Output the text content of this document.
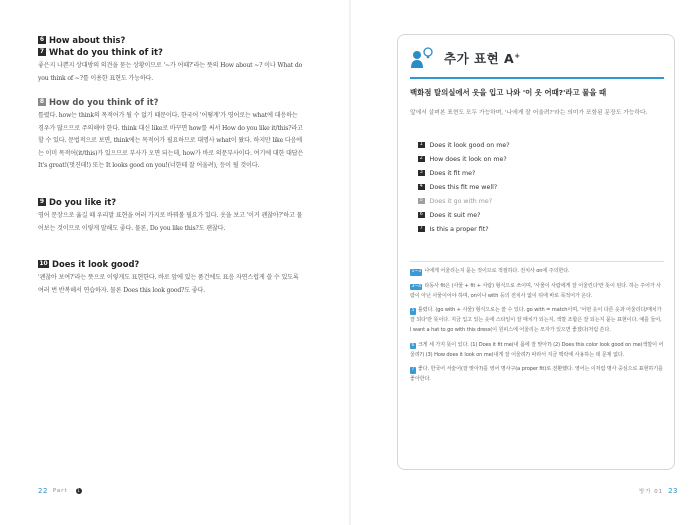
6 How about this?
7 What do you think of it?

좋은지 나쁜지 상대방의 의견을 묻는 상황이므로 '~가 어때?'라는 뜻의 How about ~? 이나 What do you think of ~?를 이용한 표현도 가능하다.

8 How do you think of it?

틀렸다. how는 think의 목적어가 될 수 없기 때문이다. 한국어 '어떻게'가 영어로는 what에 대응하는 경우가 많으므로 주의해야 한다. think 대신 like로 바꾸면 how를 써서 How do you like it/this?라고 할 수 있다. 문법적으로 보면, think에는 목적어가 필요하므로 대명사 what이 왔다. 하지만 like 다음에는 이미 목적어(it/this)가 있으므로 부사가 오면 되는데, how가 바로 의문부사이다. 여기에 대한 대답은 It's great!(멋진데!) 또는 It looks good on you!(너한테 잘 어울려), 등이 될 것이다.

9 Do you like it?

영어 문장으로 옮길 때 우리말 표현을 여러 가지로 바꿔볼 필요가 있다. 옷을 보고 '이거 괜찮아?'하고 물어보는 것이므로 이렇게 말해도 좋다. 물론, Do you like this?도 괜찮다.

10 Does it look good?

'괜찮아 보여?'라는 뜻으로 이렇게도 표현한다. 바로 앞에 있는 품건에도 표음 자연스럽게 쓸 수 있도록 여러 번 반복해서 연습하자. 물론 Does this look good?도 좋다.

추가 표현 A+
백화점 탈의실에서 옷을 입고 나와 '이 옷 어때?'라고 물을 때
앞에서 살펴본 표현도 모두 가능하며, '나에게 잘 어울려?'라는 의미가 포함된 문장도 가능하다.
1 Does it look good on me?
2 How does it look on me?
3 Does it fit me?
4 Does this fit me well?
5 Does it go with me?
6 Does it suit me?
7 Is this a proper fit?

1~3 나에게 어울리는지 묻는 것이므로 적절하다. 전치사 on에 주의한다.

3~4 타동사 fit은 (사물 + fit + 사람) 형식으로 쓰이며, '사물이 사람에게 잘 어울린다'란 뜻이 된다. 하는 주어가 사람이 아닌 사물이어야 하며, on이나 with 등의 전치사 없이 뒤에 바로 목적어가 온다.

5 틀렸다. (go with + 사물) 형식으로는 쓸 수 있다. go with = match이며, '어떤 옷이 다른 옷과 어울리다/매치가 잘 되다'란 뜻이다. 지금 입고 있는 옷에 스타일이 잘 매치가 되는지, 색깔 조합은 잘 되는지 묻는 표현이다. 예를 들어, I want a hat to go with this dress(이 원피스에 어울리는 모자가 있으면 좋겠다)처럼 쓴다.

6 크게 세 가지 뜻이 있다. (1) Does it fit me(내 몸에 잘 맞아?) (2) Does this color look good on me(색깔이 어울려?) (3) How does it look on me(내게 잘 어울려?) 따라서 지금 맥락에 사용하는 데 문제 없다.

7 좋다. 한국어 서술어(잘 맞아?)를 영어 명사구(a proper fit)로 전환했다. 영어는 이처럼 명사 중심으로 표현하기를 좋아한다.

22 Part	1	방가 01 23
